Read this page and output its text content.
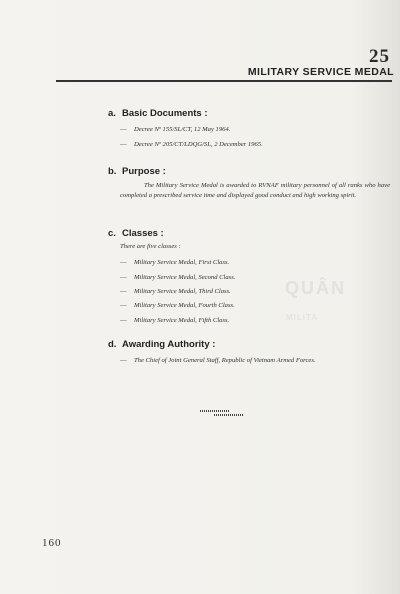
25
MILITARY SERVICE MEDAL
a. Basic Documents :
— Decree Nº 155/SL/CT, 12 May 1964.
— Decree Nº 205/CT/LDQG/SL, 2 December 1965.
b. Purpose :
The Military Service Medal is awarded to RVNAF military personnel of all ranks who have completed a prescribed service time and displayed good conduct and high working spirit.
c. Classes :
There are five classes :
— Military Service Medal, First Class.
— Military Service Medal, Second Class.
— Military Service Medal, Third Class.
— Military Service Medal, Fourth Class.
— Military Service Medal, Fifth Class.
d. Awarding Authority :
— The Chief of Joint General Staff, Republic of Vietnam Armed Forces.
QUÂN
MILITA
160
